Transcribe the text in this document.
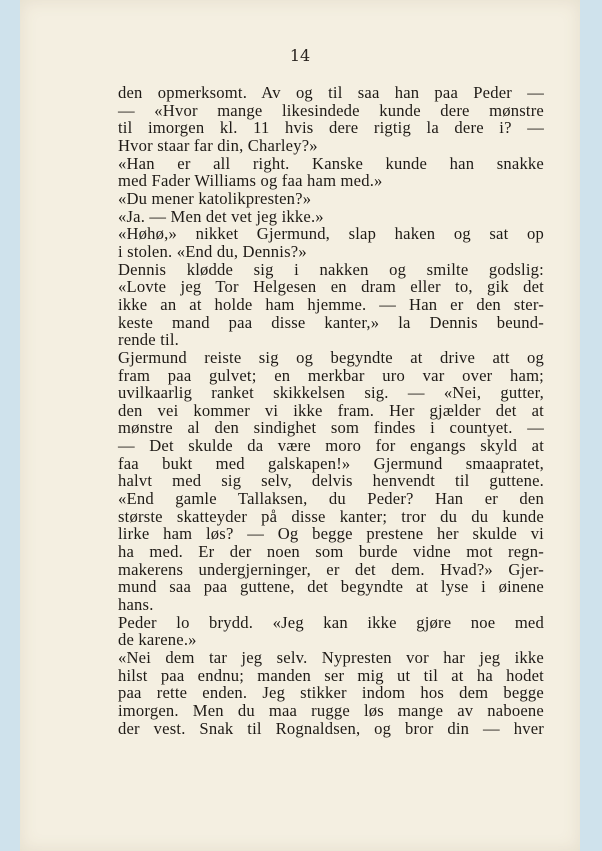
14

den opmerksomt. Av og til saa han paa Peder —

— «Hvor mange likesindede kunde dere mønstre

til imorgen kl. 11 hvis dere rigtig la dere i? —

Hvor staar far din, Charley?»

«Han er all right. Kanske kunde han snakke

med Fader Williams og faa ham med.»

«Du mener katolikpresten?»

«Ja. — Men det vet jeg ikke.»

«Høhø,» nikket Gjermund, slap haken og sat op

i stolen. «End du, Dennis?»

Dennis kløddе sig i nakken og smilte godslig:

«Lovte jeg Tor Helgesen en dram eller to, gik det

ikke an at holde ham hjemme. — Han er den ster-

keste mand paa disse kanter,» la Dennis beund-

rende til.

Gjermund reiste sig og begyndte at drive att og

fram paa gulvet; en merkbar uro var over ham;

uvilkaarlig ranket skikkelsen sig. — «Nei, gutter,

den vei kommer vi ikke fram. Her gjælder det at

mønstre al den sindighet som findes i countyet. —

— Det skulde da være moro for engangs skyld at

faa bukt med galskapen!» Gjermund smaapratet,

halvt med sig selv, delvis henvendt til guttene.

«End gamle Tallaksen, du Peder? Han er den

største skatteyder på disse kanter; tror du du kunde

lirke ham løs? — Og begge prestene her skulde vi

ha med. Er der noen som burde vidne mot regn-

makerens undergjerninger, er det dem. Hvad?» Gjer-

mund saa paa guttene, det begyndte at lyse i øinene

hans.

Peder lo brydd. «Jeg kan ikke gjøre noe med

de karene.»

«Nei dem tar jeg selv. Nypresten vor har jeg ikke

hilst paa endnu; manden ser mig ut til at ha hodet

paa rette enden. Jeg stikker indom hos dem begge

imorgen. Men du maa rugge løs mange av naboene

der vest. Snak til Rognaldsen, og bror din — hver
